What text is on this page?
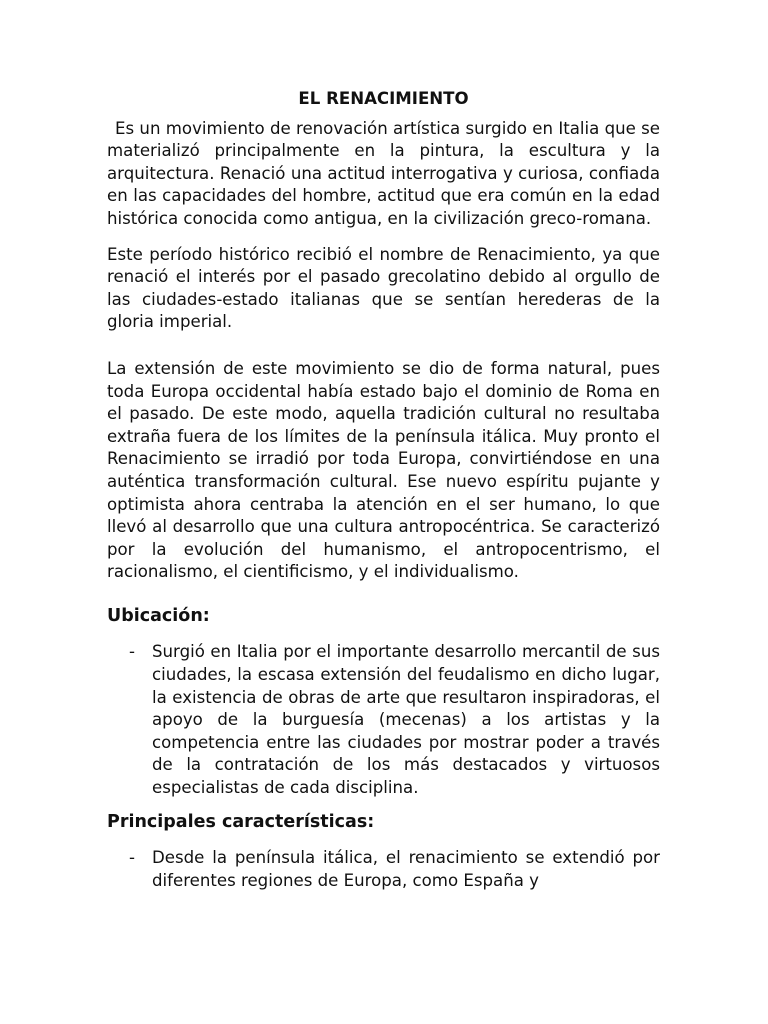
EL RENACIMIENTO

Es un movimiento de renovación artística surgido en Italia que se materializó principalmente en la pintura, la escultura y la arquitectura. Renació una actitud interrogativa y curiosa, confiada en las capacidades del hombre, actitud que era común en la edad histórica conocida como antigua, en la civilización greco-romana.

Este período histórico recibió el nombre de Renacimiento, ya que renació el interés por el pasado grecolatino debido al orgullo de las ciudades-estado italianas que se sentían herederas de la gloria imperial.

La extensión de este movimiento se dio de forma natural, pues toda Europa occidental había estado bajo el dominio de Roma en el pasado. De este modo, aquella tradición cultural no resultaba extraña fuera de los límites de la península itálica. Muy pronto el Renacimiento se irradió por toda Europa, convirtiéndose en una auténtica transformación cultural. Ese nuevo espíritu pujante y optimista ahora centraba la atención en el ser humano, lo que llevó al desarrollo que una cultura antropocéntrica. Se caracterizó por la evolución del humanismo, el antropocentrismo, el racionalismo, el cientificismo, y el individualismo.

Ubicación:
- Surgió en Italia por el importante desarrollo mercantil de sus ciudades, la escasa extensión del feudalismo en dicho lugar, la existencia de obras de arte que resultaron inspiradoras, el apoyo de la burguesía (mecenas) a los artistas y la competencia entre las ciudades por mostrar poder a través de la contratación de los más destacados y virtuosos especialistas de cada disciplina.
Principales características:
- Desde la península itálica, el renacimiento se extendió por diferentes regiones de Europa, como España y
